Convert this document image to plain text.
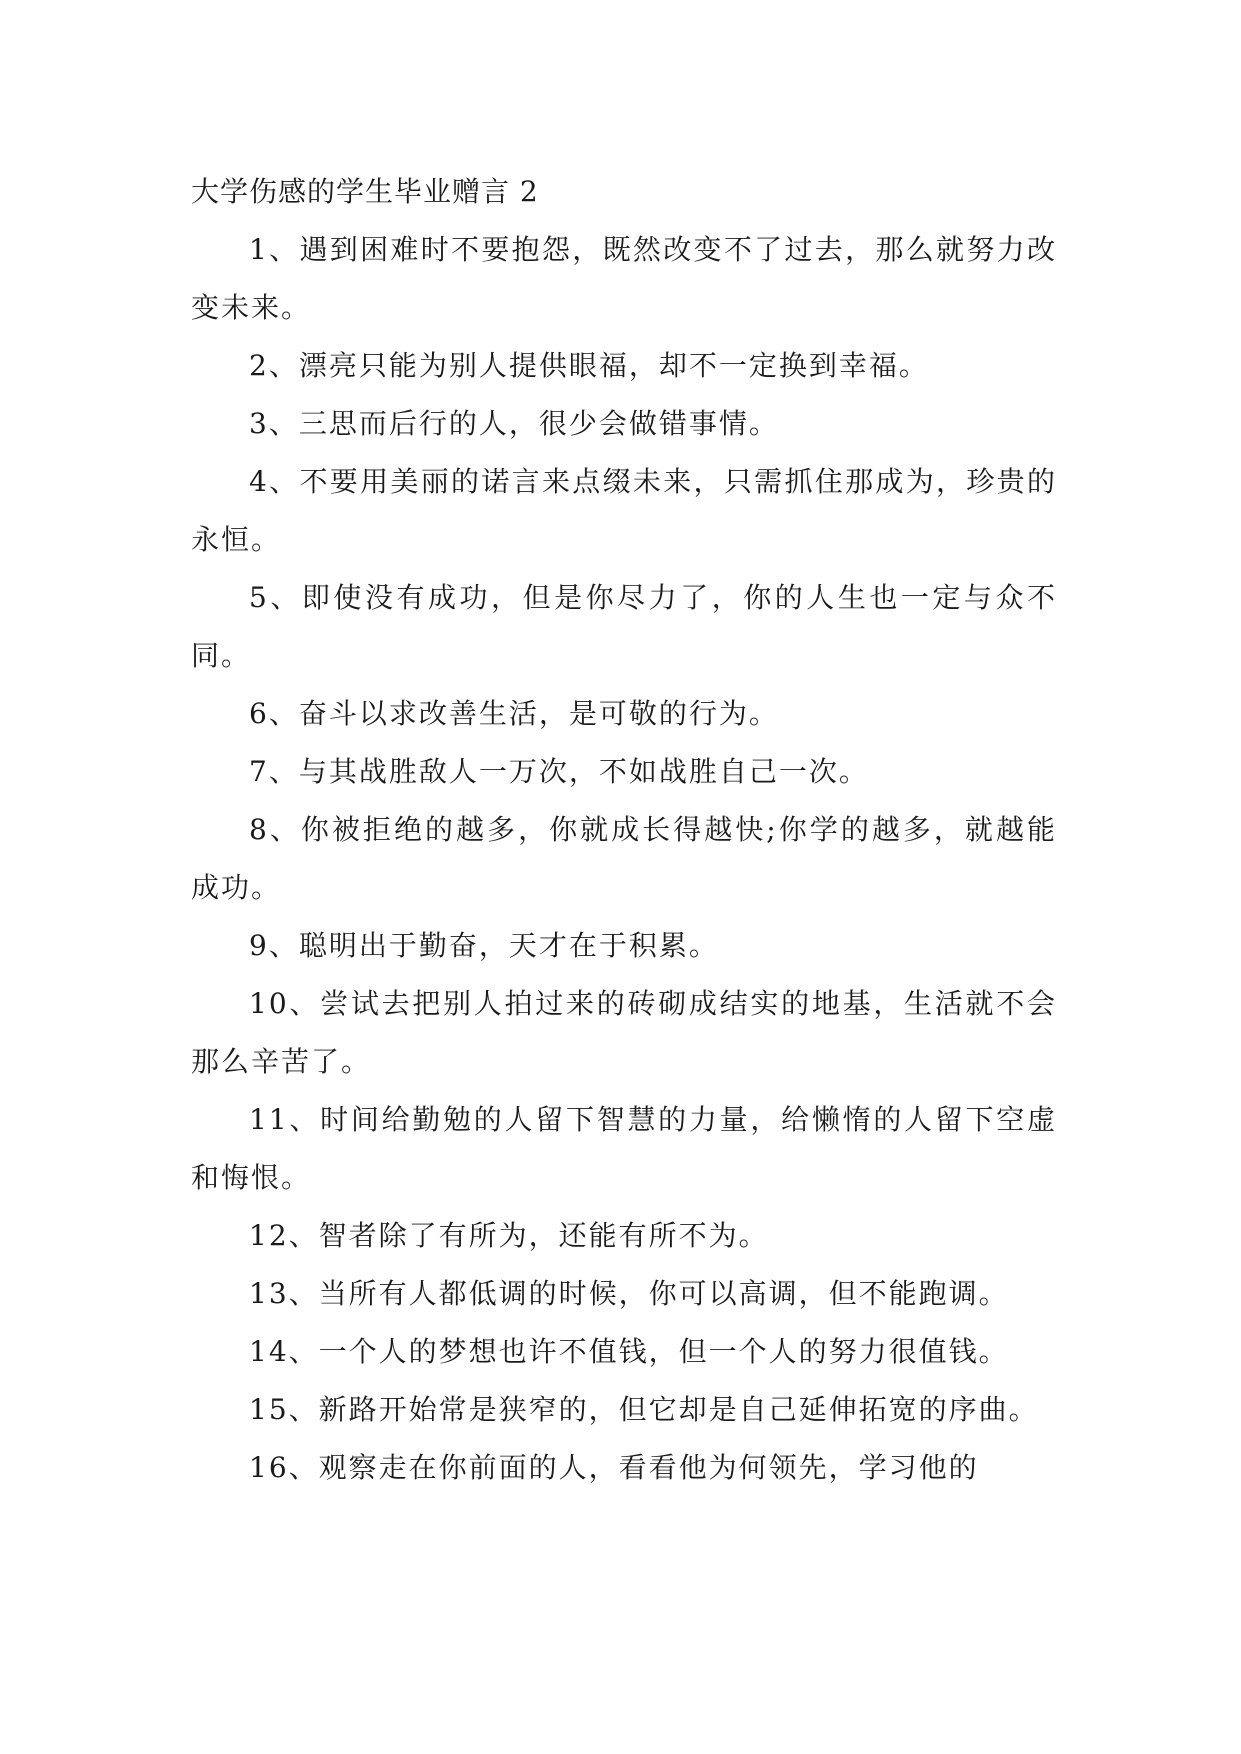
大学伤感的学生毕业赠言 2
1、遇到困难时不要抱怨，既然改变不了过去，那么就努力改变未来。
2、漂亮只能为别人提供眼福，却不一定换到幸福。
3、三思而后行的人，很少会做错事情。
4、不要用美丽的诺言来点缀未来，只需抓住那成为，珍贵的永恒。
5、即使没有成功，但是你尽力了，你的人生也一定与众不同。
6、奋斗以求改善生活，是可敬的行为。
7、与其战胜敌人一万次，不如战胜自己一次。
8、你被拒绝的越多，你就成长得越快;你学的越多，就越能成功。
9、聪明出于勤奋，天才在于积累。
10、尝试去把别人拍过来的砖砌成结实的地基，生活就不会那么辛苦了。
11、时间给勤勉的人留下智慧的力量，给懒惰的人留下空虚和悔恨。
12、智者除了有所为，还能有所不为。
13、当所有人都低调的时候，你可以高调，但不能跑调。
14、一个人的梦想也许不值钱，但一个人的努力很值钱。
15、新路开始常是狭窄的，但它却是自己延伸拓宽的序曲。
16、观察走在你前面的人，看看他为何领先，学习他的
